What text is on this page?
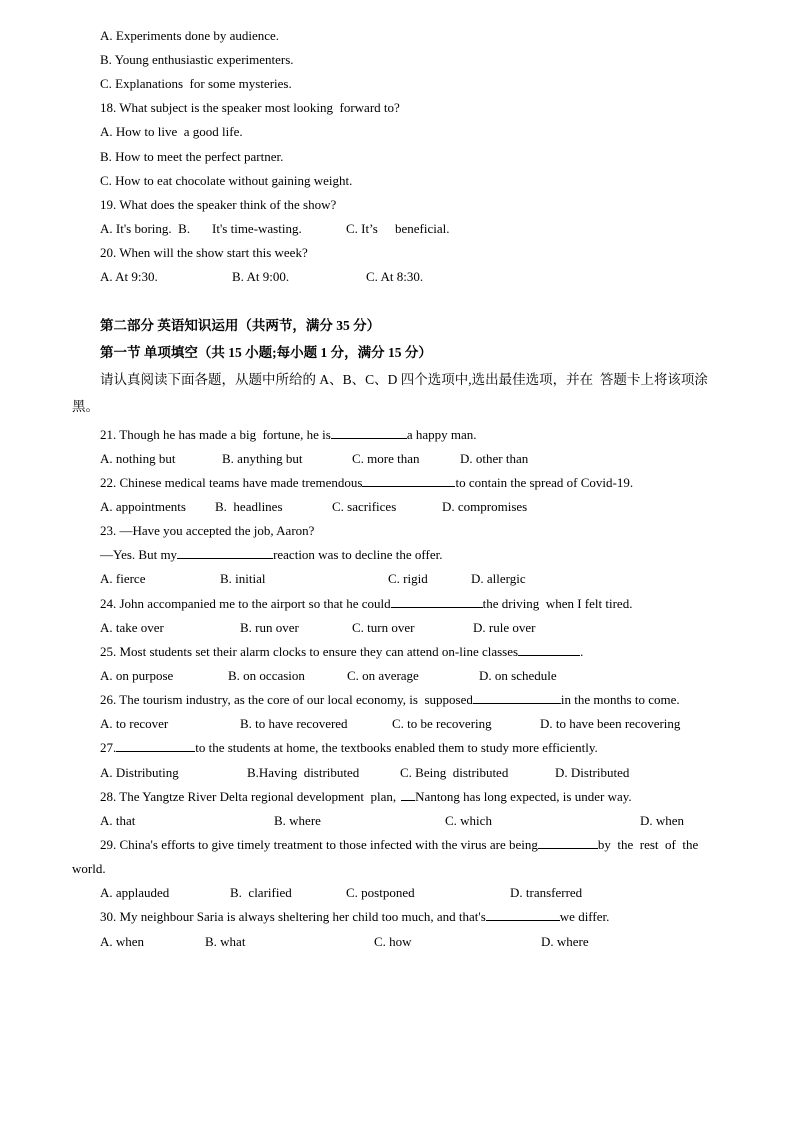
A. Experiments done by audience.
B. Young enthusiastic experimenters.
C. Explanations  for some mysteries.
18. What subject is the speaker most looking  forward to?
A. How to live  a good life.
B. How to meet the perfect partner.
C. How to eat chocolate without gaining weight.
19. What does the speaker think of the show?
A. It's boring.  B. It's time-wasting.	C. It’s beneficial.
20. When will the show start this week?
A. At 9:30.	B. At 9:00.	C. At 8:30.
第二部分 英语知识运用（共两节，满分 35 分）
第一节 单项填空（共 15 小题;每小题 1 分，满分 15 分）
请认真阅读下面各题，从题中所给的 A、B、C、D 四个选项中,选出最佳选项，并在  答题卡上将该项涂
黑。
21. Though he has made a big  fortune, he is	a happy man.
A. nothing but	B. anything but	C. more than	D. other than
22. Chinese medical teams have made tremendous	to contain the spread of Covid-19.
A. appointments B.  headlines	C. sacrifices	D. compromises
23. —Have you accepted the job, Aaron?
—Yes. But my	reaction was to decline the offer.
A. fierce	B. initial	C. rigid	D. allergic
24. John accompanied me to the airport so that he could	the driving  when I felt tired.
A. take over	B. run over	C. turn over	D. rule over
25. Most students set their alarm clocks to ensure they can attend on-line classes	.
A. on purpose	B. on occasion	C. on average	D. on schedule
26. The tourism industry, as the core of our local economy, is  supposed	in the months to come.
A. to recover	B. to have recovered	C. to be recovering	D. to have been recovering
27.	to the students at home, the textbooks enabled them to study more efficiently.
A. Distributing	B.Having  distributed	C. Being  distributed	D. Distributed
28. The Yangtze River Delta regional development  plan, Nantong has long expected, is under way.
A. that	B. where	C. which	D. when
29. China's efforts to give timely treatment to those infected with the virus are being	by  the  rest  of  the
world.
A. applauded	B.  clarified	C. postponed	D. transferred
30. My neighbour Saria is always sheltering her child too much, and that's	we differ.
A. when	B. what	C. how	D. where
